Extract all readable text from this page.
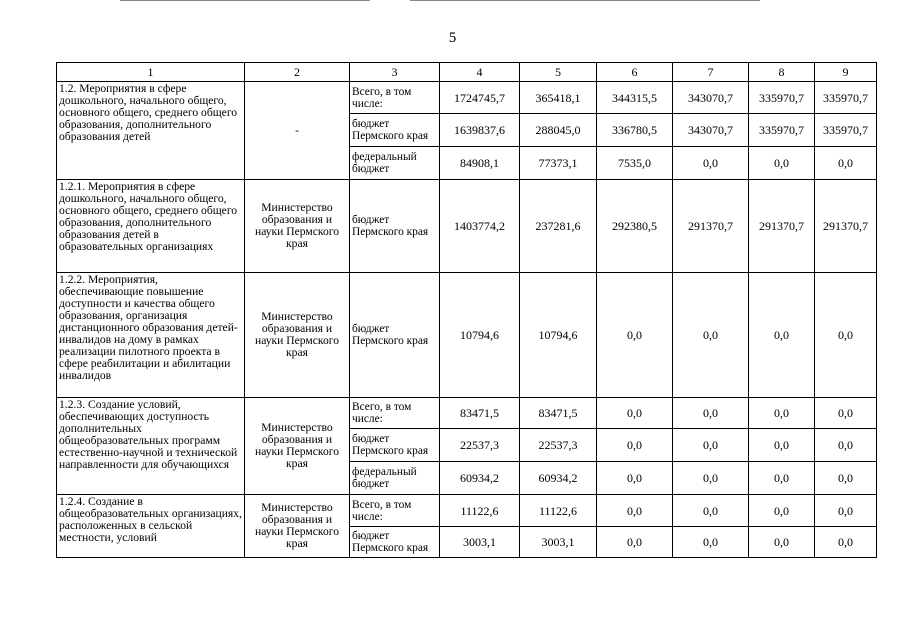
5
1	2	3	4	5	6	7	8	9
1.2. Мероприятия в сфере дошкольного, начального общего, основного общего, среднего общего образования, дополнительного образования детей	-	Всего, в том числе:	1724745,7	365418,1	344315,5	343070,7	335970,7	335970,7
		бюджет Пермского края	1639837,6	288045,0	336780,5	343070,7	335970,7	335970,7
		федеральный бюджет	84908,1	77373,1	7535,0	0,0	0,0	0,0
1.2.1. Мероприятия в сфере дошкольного, начального общего, основного общего, среднего общего образования, дополнительного образования детей в образовательных организациях	Министерство образования и науки Пермского края	бюджет Пермского края	1403774,2	237281,6	292380,5	291370,7	291370,7	291370,7
1.2.2. Мероприятия, обеспечивающие повышение доступности и качества общего образования, организация дистанционного образования детей-инвалидов на дому в рамках реализации пилотного проекта в сфере реабилитации и абилитации инвалидов	Министерство образования и науки Пермского края	бюджет Пермского края	10794,6	10794,6	0,0	0,0	0,0	0,0
1.2.3. Создание условий, обеспечивающих доступность дополнительных общеобразовательных программ естественно-научной и технической направленности для обучающихся	Министерство образования и науки Пермского края	Всего, в том числе:	83471,5	83471,5	0,0	0,0	0,0	0,0
		бюджет Пермского края	22537,3	22537,3	0,0	0,0	0,0	0,0
		федеральный бюджет	60934,2	60934,2	0,0	0,0	0,0	0,0
1.2.4. Создание в общеобразовательных организациях, расположенных в сельской местности, условий	Министерство образования и науки Пермского края	Всего, в том числе:	11122,6	11122,6	0,0	0,0	0,0	0,0
		бюджет Пермского края	3003,1	3003,1	0,0	0,0	0,0	0,0
